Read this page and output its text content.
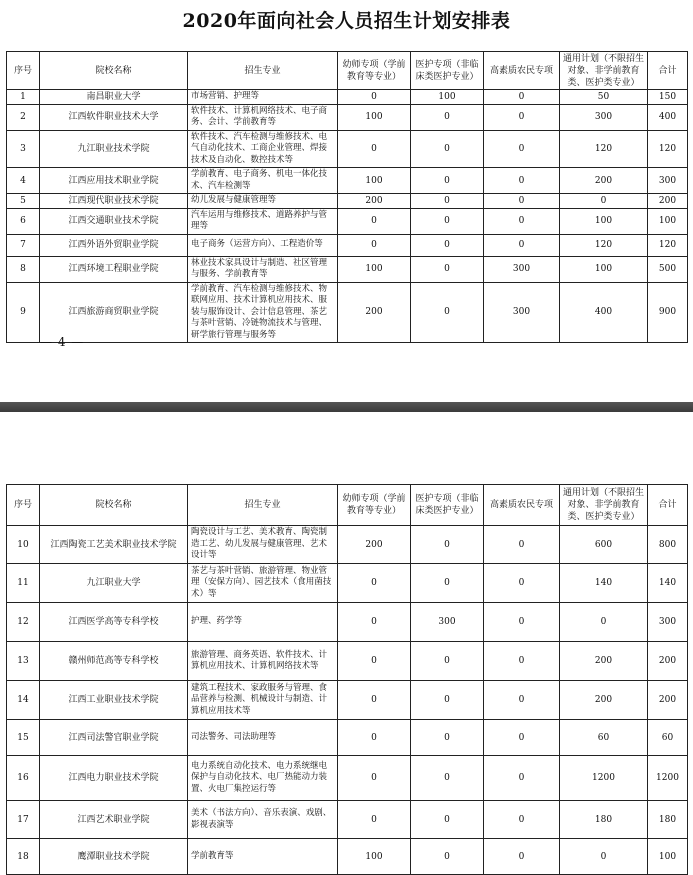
2020年面向社会人员招生计划安排表
序号	院校名称	招生专业	幼师专项（学前教育等专业）	医护专项（非临床类医护专业）	高素质农民专项	通用计划（不限招生对象、非学前教育类、医护类专业）	合计
1	南昌职业大学	市场营销、护理等	0	100	0	50	150
2	江西软件职业技术大学	软件技术、计算机网络技术、电子商务、会计、学前教育等	100	0	0	300	400
3	九江职业技术学院	软件技术、汽车检测与维修技术、电气自动化技术、工商企业管理、焊接技术及自动化、数控技术等	0	0	0	120	120
4	江西应用技术职业学院	学前教育、电子商务、机电一体化技术、汽车检测等	100	0	0	200	300
5	江西现代职业技术学院	幼儿发展与健康管理等	200	0	0	0	200
6	江西交通职业技术学院	汽车运用与维修技术、道路养护与管理等	0	0	0	100	100
7	江西外语外贸职业学院	电子商务（运营方向）、工程造价等	0	0	0	120	120
8	江西环境工程职业学院	林业技术家具设计与制造、社区管理与服务、学前教育等	100	0	300	100	500
9	江西旅游商贸职业学院	学前教育、汽车检测与维修技术、物联网应用、技术计算机应用技术、服装与服饰设计、会计信息管理、茶艺与茶叶营销、冷链物流技术与管理、研学旅行管理与服务等	200	0	300	400	900
— 4 —
序号	院校名称	招生专业	幼师专项（学前教育等专业）	医护专项（非临床类医护专业）	高素质农民专项	通用计划（不限招生对象、非学前教育类、医护类专业）	合计
10	江西陶瓷工艺美术职业技术学院	陶瓷设计与工艺、美术教育、陶瓷制造工艺、幼儿发展与健康管理、艺术设计等	200	0	0	600	800
11	九江职业大学	茶艺与茶叶营销、旅游管理、物业管理（安保方向）、园艺技术（食用菌技术）等	0	0	0	140	140
12	江西医学高等专科学校	护理、药学等	0	300	0	0	300
13	赣州师范高等专科学校	旅游管理、商务英语、软件技术、计算机应用技术、计算机网络技术等	0	0	0	200	200
14	江西工业职业技术学院	建筑工程技术、家政服务与管理、食品营养与检测、机械设计与制造、计算机应用技术等	0	0	0	200	200
15	江西司法警官职业学院	司法警务、司法助理等	0	0	0	60	60
16	江西电力职业技术学院	电力系统自动化技术、电力系统继电保护与自动化技术、电厂热能动力装置、火电厂集控运行等	0	0	0	1200	1200
17	江西艺术职业学院	美术（书法方向）、音乐表演、戏剧、影视表演等	0	0	0	180	180
18	鹰潭职业技术学院	学前教育等	100	0	0	0	100
